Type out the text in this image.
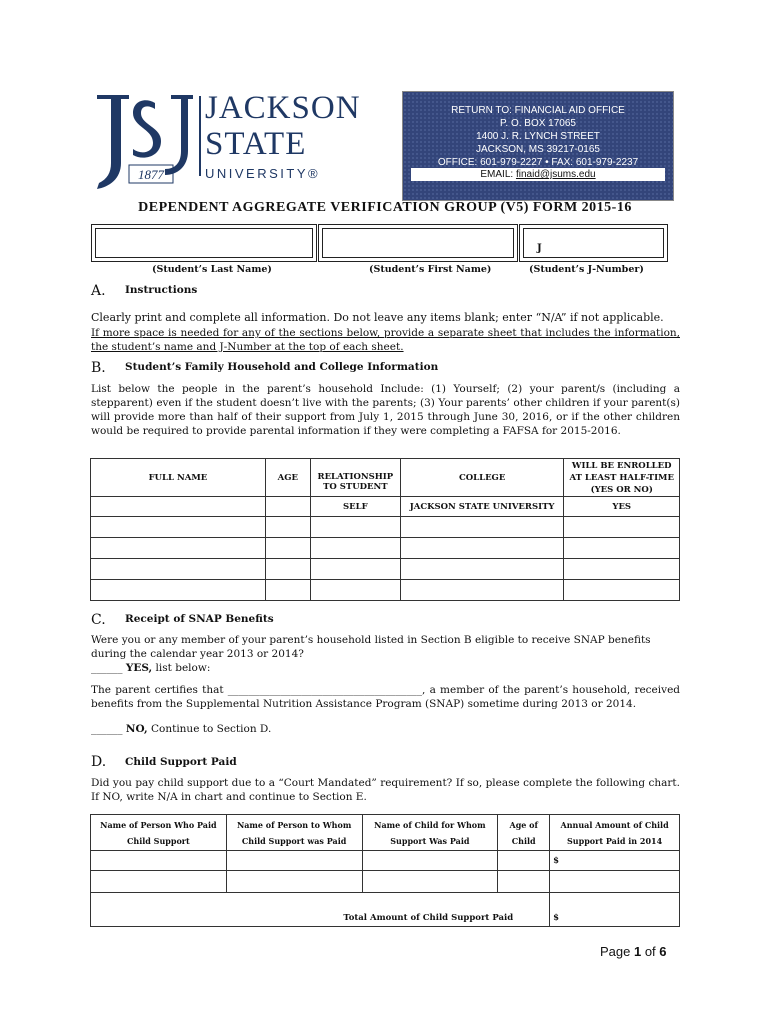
1877
JACKSON
STATE
UNIVERSITY®
RETURN TO: FINANCIAL AID OFFICE
P. O. BOX 17065
1400 J. R. LYNCH STREET
JACKSON, MS 39217-0165
OFFICE: 601-979-2227 • FAX: 601-979-2237
EMAIL: finaid@jsums.edu
DEPENDENT AGGREGATE VERIFICATION GROUP (V5) FORM 2015-16
J
(Student’s Last Name)	(Student’s First Name)	(Student’s J-Number)
A. Instructions
Clearly print and complete all information. Do not leave any items blank; enter “N/A” if not applicable.
If more space is needed for any of the sections below, provide a separate sheet that includes the information, the student’s name and J-Number at the top of each sheet.
B. Student’s Family Household and College Information
List below the people in the parent’s household Include: (1) Yourself; (2) your parent/s (including a stepparent) even if the student doesn’t live with the parents; (3) Your parents’ other children if your parent(s) will provide more than half of their support from July 1, 2015 through June 30, 2016, or if the other children would be required to provide parental information if they were completing a FAFSA for 2015-2016.
FULL NAME	AGE	RELATIONSHIP TO STUDENT	COLLEGE	WILL BE ENROLLED AT LEAST HALF-TIME (YES OR NO)
		SELF	JACKSON STATE UNIVERSITY	YES

C. Receipt of SNAP Benefits
Were you or any member of your parent’s household listed in Section B eligible to receive SNAP benefits during the calendar year 2013 or 2014?
______ YES, list below:
The parent certifies that _____________________________________, a member of the parent’s household, received benefits from the Supplemental Nutrition Assistance Program (SNAP) sometime during 2013 or 2014.
______ NO, Continue to Section D.
D. Child Support Paid
Did you pay child support due to a “Court Mandated” requirement? If so, please complete the following chart. If NO, write N/A in chart and continue to Section E.
Name of Person Who Paid Child Support	Name of Person to Whom Child Support was Paid	Name of Child for Whom Support Was Paid	Age of Child	Annual Amount of Child Support Paid in 2014
				$

Total Amount of Child Support Paid				$
Page 1 of 6
